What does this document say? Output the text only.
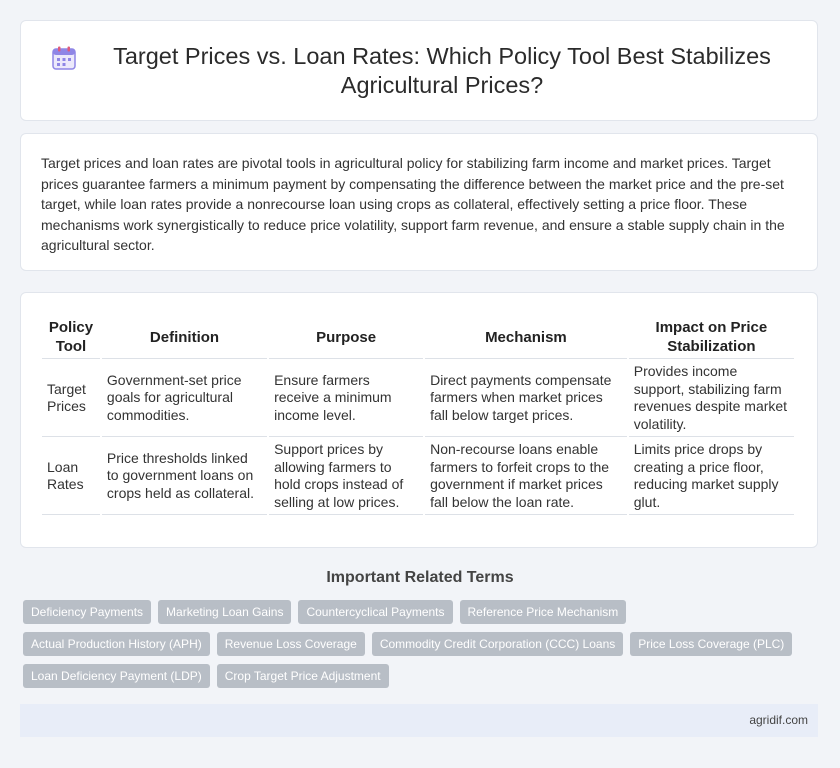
Target Prices vs. Loan Rates: Which Policy Tool Best Stabilizes Agricultural Prices?

Target prices and loan rates are pivotal tools in agricultural policy for stabilizing farm income and market prices. Target prices guarantee farmers a minimum payment by compensating the difference between the market price and the pre-set target, while loan rates provide a nonrecourse loan using crops as collateral, effectively setting a price floor. These mechanisms work synergistically to reduce price volatility, support farm revenue, and ensure a stable supply chain in the agricultural sector.

Policy Tool	Definition	Purpose	Mechanism	Impact on Price Stabilization
Target Prices	Government-set price goals for agricultural commodities.	Ensure farmers receive a minimum income level.	Direct payments compensate farmers when market prices fall below target prices.	Provides income support, stabilizing farm revenues despite market volatility.
Loan Rates	Price thresholds linked to government loans on crops held as collateral.	Support prices by allowing farmers to hold crops instead of selling at low prices.	Non-recourse loans enable farmers to forfeit crops to the government if market prices fall below the loan rate.	Limits price drops by creating a price floor, reducing market supply glut.
Important Related Terms
Deficiency Payments	Marketing Loan Gains	Countercyclical Payments	Reference Price Mechanism
Actual Production History (APH)	Revenue Loss Coverage	Commodity Credit Corporation (CCC) Loans	Price Loss Coverage (PLC)
Loan Deficiency Payment (LDP)	Crop Target Price Adjustment
agridif.com
